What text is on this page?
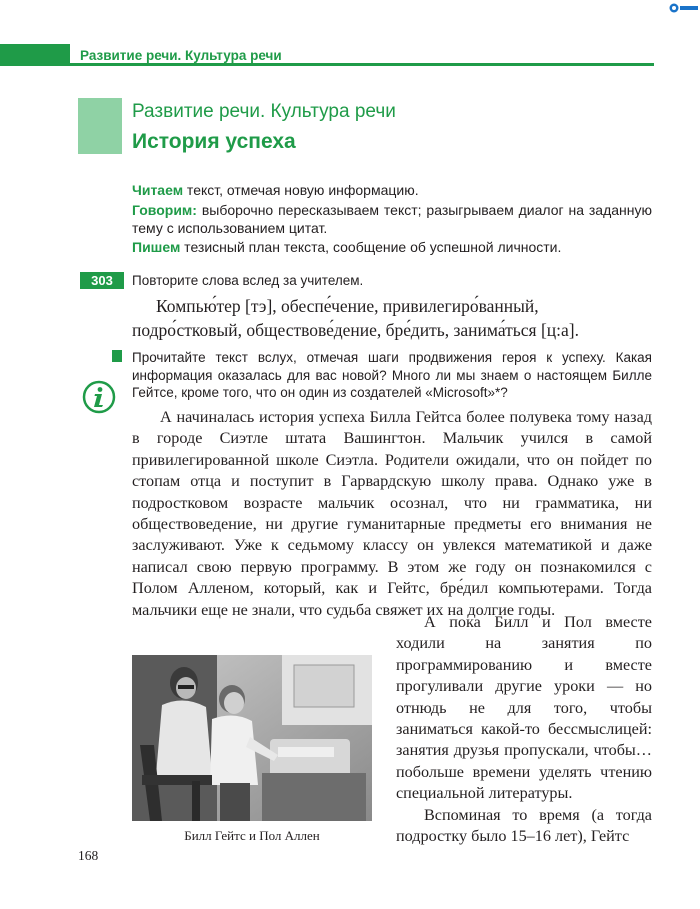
Развитие речи. Культура речи
Развитие речи. Культура речи
История успеха
Читаем текст, отмечая новую информацию.
Говорим: выборочно пересказываем текст; разыгрываем диалог на заданную тему с использованием цитат.
Пишем тезисный план текста, сообщение об успешной личности.
303	Повторите слова вслед за учителем.
Компью́тер [тэ], обеспе́чение, привилегиро́ванный, подро́стковый, обществове́дение, бре́дить, занима́ться [ц:а].
Прочитайте текст вслух, отмечая шаги продвижения героя к успеху. Какая информация оказалась для вас новой? Много ли мы знаем о настоящем Билле Гейтсе, кроме того, что он один из создателей «Microsoft»*?
А начиналась история успеха Билла Гейтса более полувека тому назад в городе Сиэтле штата Вашингтон. Мальчик учился в самой привилегированной школе Сиэтла. Родители ожидали, что он пойдет по стопам отца и поступит в Гарвардскую школу права. Однако уже в подростковом возрасте мальчик осознал, что ни грамматика, ни обществоведение, ни другие гуманитарные предметы его внимания не заслуживают. Уже к седьмому классу он увлекся математикой и даже написал свою первую программу. В этом же году он познакомился с Полом Алленом, который, как и Гейтс, бре́дил компьютерами. Тогда мальчики еще не знали, что судьба свяжет их на долгие годы.

А пока Билл и Пол вместе ходили на занятия по программированию и вместе прогуливали другие уроки — но отнюдь не для того, чтобы заниматься какой-то бессмыслицей: занятия друзья пропускали, чтобы… побольше времени уделять чтению специальной литературы.

Вспоминая то время (а тогда подростку было 15–16 лет), Гейтс

Билл Гейтс и Пол Аллен
168
